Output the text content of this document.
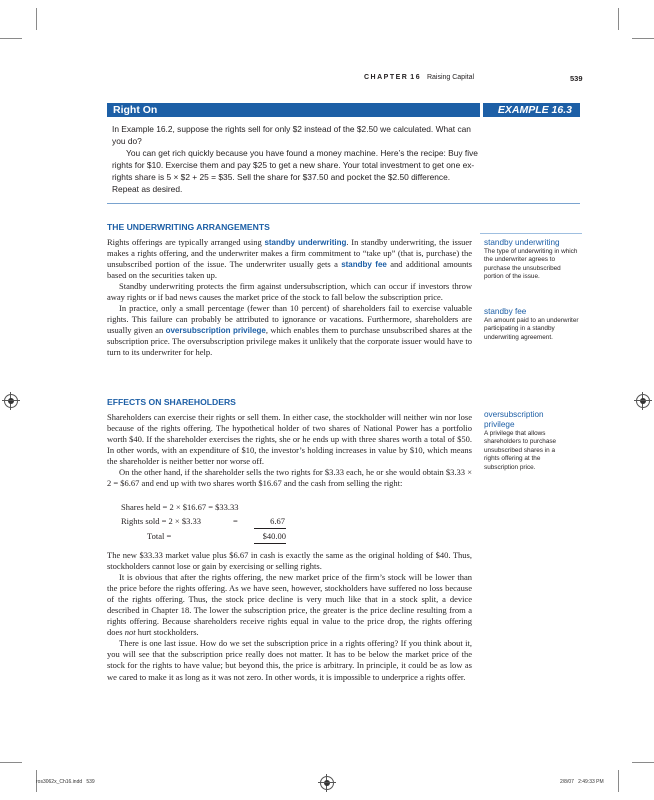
CHAPTER 16 Raising Capital	539
Right On	EXAMPLE 16.3

In Example 16.2, suppose the rights sell for only $2 instead of the $2.50 we calculated. What can you do?

You can get rich quickly because you have found a money machine. Here’s the recipe: Buy five rights for $10. Exercise them and pay $25 to get a new share. Your total investment to get one ex-rights share is 5 × $2 + 25 = $35. Sell the share for $37.50 and pocket the $2.50 difference. Repeat as desired.

THE UNDERWRITING ARRANGEMENTS

Rights offerings are typically arranged using standby underwriting. In standby underwriting, the issuer makes a rights offering, and the underwriter makes a firm commitment to “take up” (that is, purchase) the unsubscribed portion of the issue. The underwriter usually gets a standby fee and additional amounts based on the securities taken up.

Standby underwriting protects the firm against undersubscription, which can occur if investors throw away rights or if bad news causes the market price of the stock to fall below the subscription price.

In practice, only a small percentage (fewer than 10 percent) of shareholders fail to exercise valuable rights. This failure can probably be attributed to ignorance or vacations. Furthermore, shareholders are usually given an oversubscription privilege, which enables them to purchase unsubscribed shares at the subscription price. The oversubscription privilege makes it unlikely that the corporate issuer would have to turn to its underwriter for help.

standby underwriting
The type of underwriting in which the underwriter agrees to purchase the unsubscribed portion of the issue.
standby fee
An amount paid to an underwriter participating in a standby underwriting agreement.
oversubscription privilege
A privilege that allows shareholders to purchase unsubscribed shares in a rights offering at the subscription price.
EFFECTS ON SHAREHOLDERS

Shareholders can exercise their rights or sell them. In either case, the stockholder will neither win nor lose because of the rights offering. The hypothetical holder of two shares of National Power has a portfolio worth $40. If the shareholder exercises the rights, she or he ends up with three shares worth a total of $50. In other words, with an expenditure of $10, the investor’s holding increases in value by $10, which means the shareholder is neither better nor worse off.

On the other hand, if the shareholder sells the two rights for $3.33 each, he or she would obtain $3.33 × 2 = $6.67 and end up with two shares worth $16.67 and the cash from selling the right:

Shares held = 2 × $16.67 = $33.33
Rights sold = 2 × $3.33	=	6.67
Total =	$40.00

The new $33.33 market value plus $6.67 in cash is exactly the same as the original holding of $40. Thus, stockholders cannot lose or gain by exercising or selling rights.

It is obvious that after the rights offering, the new market price of the firm’s stock will be lower than the price before the rights offering. As we have seen, however, stockholders have suffered no loss because of the rights offering. Thus, the stock price decline is very much like that in a stock split, a device described in Chapter 18. The lower the subscription price, the greater is the price decline resulting from a rights offering. Because shareholders receive rights equal in value to the price drop, the rights offering does not hurt stockholders.

There is one last issue. How do we set the subscription price in a rights offering? If you think about it, you will see that the subscription price really does not matter. It has to be below the market price of the stock for the rights to have value; but beyond this, the price is arbitrary. In principle, it could be as low as we cared to make it as long as it was not zero. In other words, it is impossible to underprice a rights offer.

ros3062x_Ch16.indd   539	2/8/07   2:49:33 PM
